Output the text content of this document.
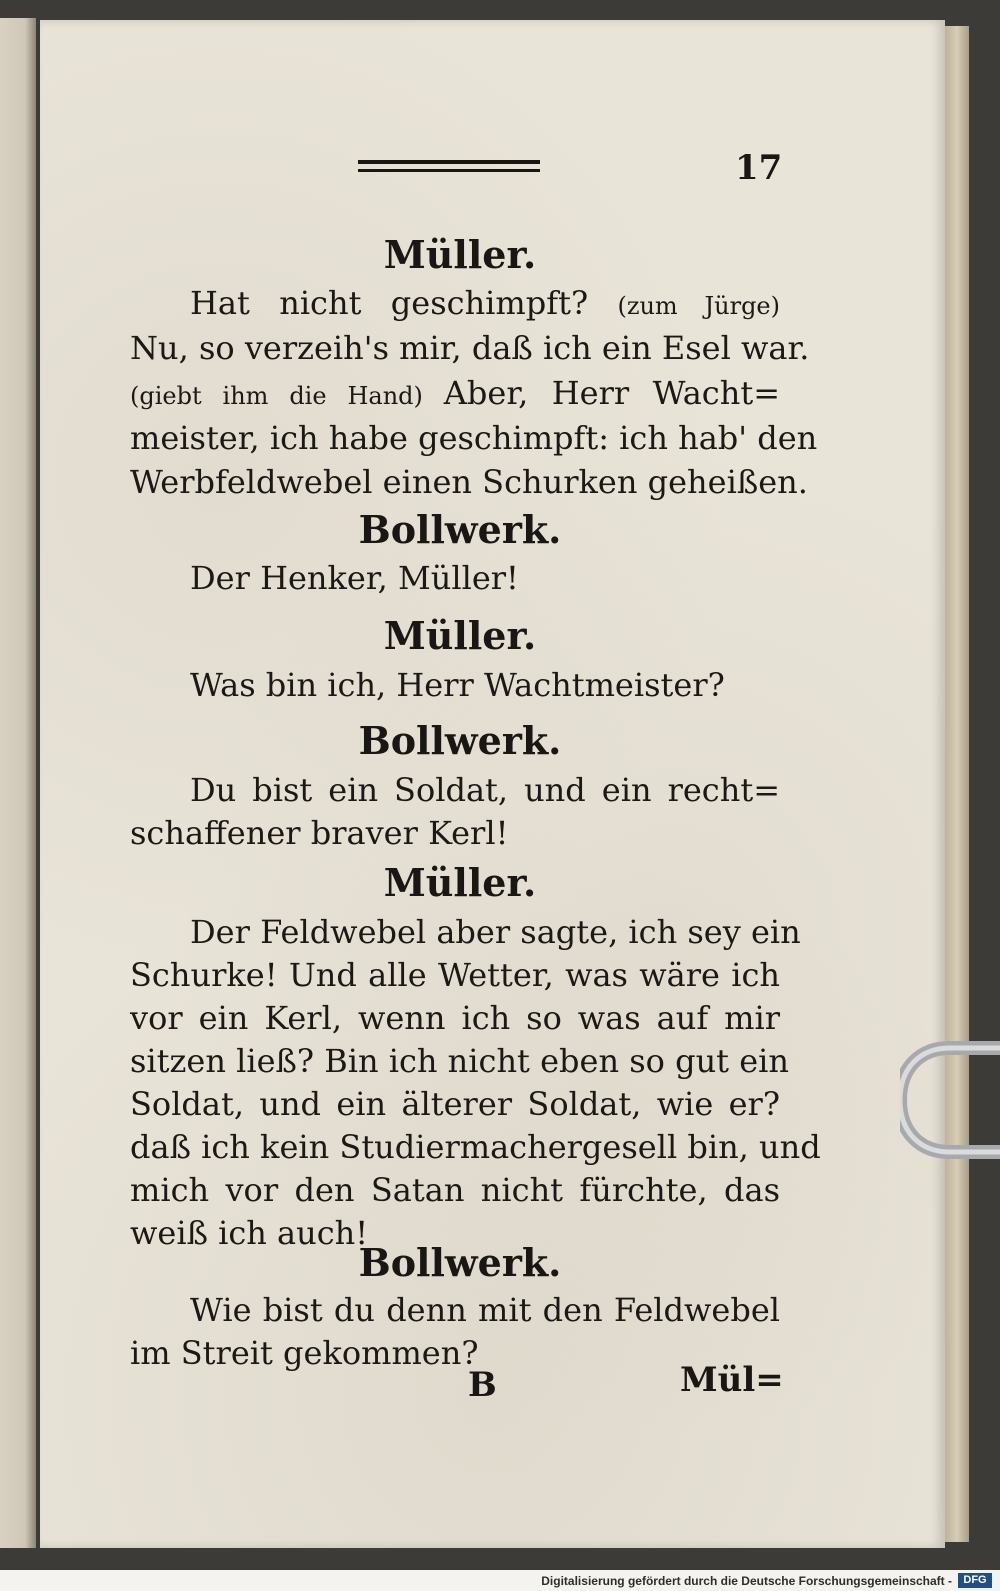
17
Müller.
Hat nicht geschimpft? (zum Jürge)
Nu, so verzeih's mir, daß ich ein Esel war.
(giebt ihm die Hand) Aber, Herr Wacht=
meister, ich habe geschimpft: ich hab' den
Werbfeldwebel einen Schurken geheißen.
Bollwerk.
Der Henker, Müller!
Müller.
Was bin ich, Herr Wachtmeister?
Bollwerk.
Du bist ein Soldat, und ein recht=
schaffener braver Kerl!
Müller.
Der Feldwebel aber sagte, ich sey ein
Schurke! Und alle Wetter, was wäre ich
vor ein Kerl, wenn ich so was auf mir
sitzen ließ? Bin ich nicht eben so gut ein
Soldat, und ein älterer Soldat, wie er?
daß ich kein Studiermachergesell bin, und
mich vor den Satan nicht fürchte, das
weiß ich auch!
Bollwerk.
Wie bist du denn mit den Feldwebel
im Streit gekommen?
B	Mül=
Digitalisierung gefördert durch die Deutsche Forschungsgemeinschaft -	DFG
